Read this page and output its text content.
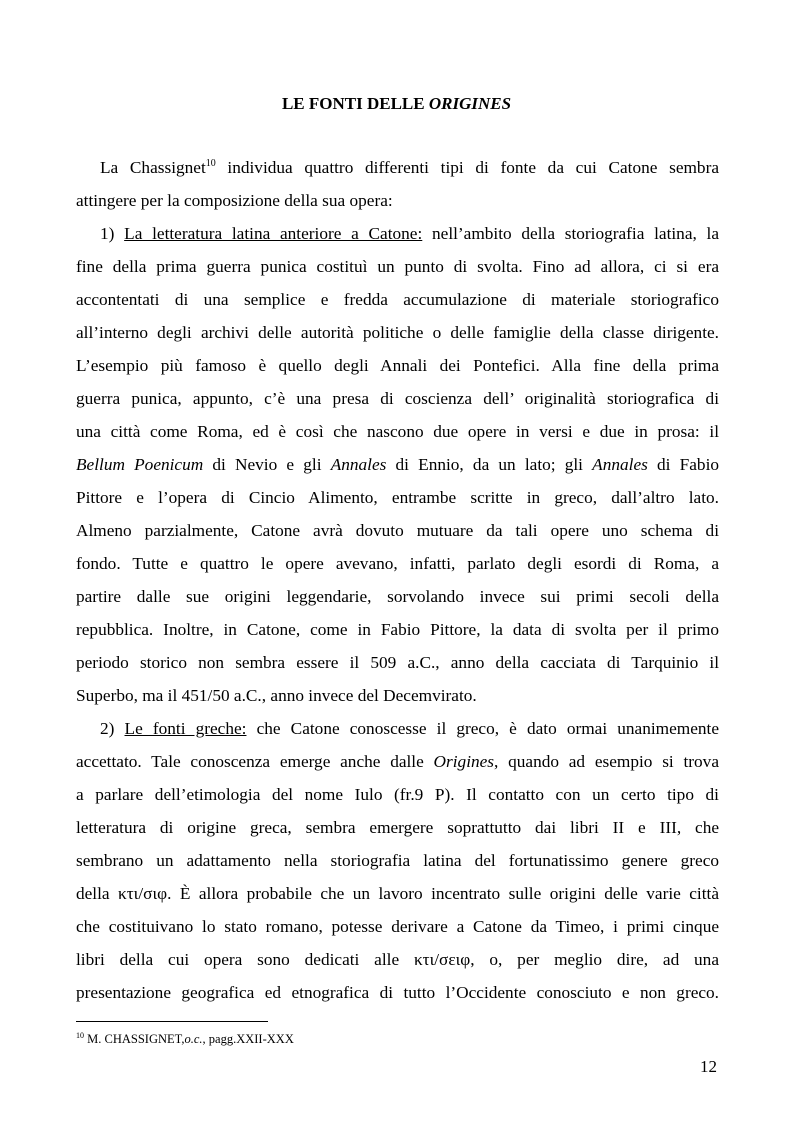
LE FONTI DELLE ORIGINES
La Chassignet$^{10}$ individua quattro differenti tipi di fonte da cui Catone sembra
attingere per la composizione della sua opera:
1) La letteratura latina anteriore a Catone: nell’ambito della storiografia latina, la
fine della prima guerra punica costituì un punto di svolta. Fino ad allora, ci si era
accontentati di una semplice e fredda accumulazione di materiale storiografico
all’interno degli archivi delle autorità politiche o delle famiglie della classe dirigente.
L’esempio più famoso è quello degli Annali dei Pontefici. Alla fine della prima
guerra punica, appunto, c’è una presa di coscienza dell’ originalità storiografica di
una città come Roma, ed è così che nascono due opere in versi e due in prosa: il
Bellum Poenicum di Nevio e gli Annales di Ennio, da un lato; gli Annales di Fabio
Pittore e l’opera di Cincio Alimento, entrambe scritte in greco, dall’altro lato.
Almeno parzialmente, Catone avrà dovuto mutuare da tali opere uno schema di
fondo. Tutte e quattro le opere avevano, infatti, parlato degli esordi di Roma, a
partire dalle sue origini leggendarie, sorvolando invece sui primi secoli della
repubblica. Inoltre, in Catone, come in Fabio Pittore, la data di svolta per il primo
periodo storico non sembra essere il 509 a.C., anno della cacciata di Tarquinio il
Superbo, ma il 451/50 a.C., anno invece del Decemvirato.
2) Le fonti greche: che Catone conoscesse il greco, è dato ormai unanimemente
accettato. Tale conoscenza emerge anche dalle Origines, quando ad esempio si trova
a parlare dell’etimologia del nome Iulo (fr.9 P). Il contatto con un certo tipo di
letteratura di origine greca, sembra emergere soprattutto dai libri II e III, che
sembrano un adattamento nella storiografia latina del fortunatissimo genere greco
della κτι/σιφ. È allora probabile che un lavoro incentrato sulle origini delle varie città
che costituivano lo stato romano, potesse derivare a Catone da Timeo, i primi cinque
libri della cui opera sono dedicati alle κτι/σειφ, o, per meglio dire, ad una
presentazione geografica ed etnografica di tutto l’Occidente conosciuto e non greco.
$^{10}$ M. CHASSIGNET,o.c., pagg.XXII-XXX
12
